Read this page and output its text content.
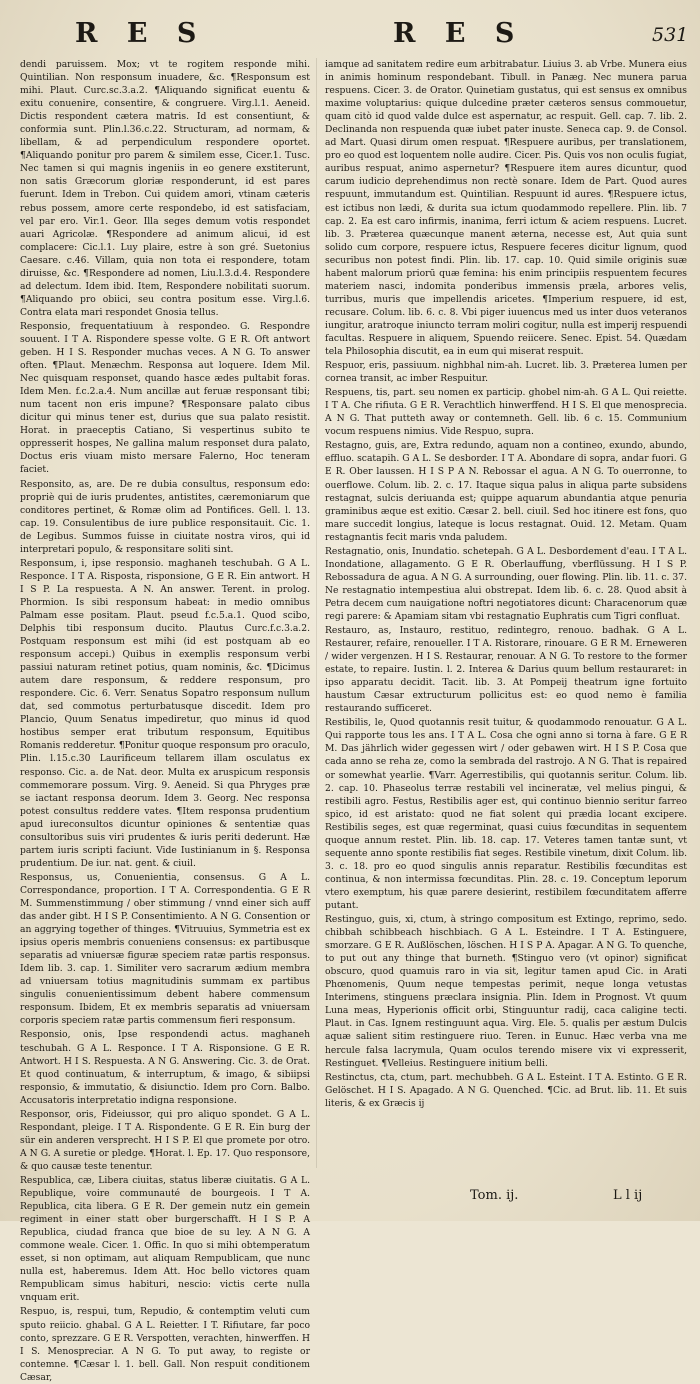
R E S	R E S	531

dendi paruissem. Mox; vt te rogitem responde mihi. Quintilian. Non responsum inuadere, &c. ¶Responsum est mihi. Plaut. Curc.sc.3.a.2. ¶Aliquando significat euentu & exitu conuenire, consentire, & congruere. Virg.l.1. Aeneid. Dictis respondent cætera matris. Id est consentiunt, & conformia sunt. Plin.l.36.c.22. Structuram, ad normam, & libellam, & ad perpendiculum respondere oportet. ¶Aliquando ponitur pro parem & similem esse, Cicer.1. Tusc. Nec tamen si qui magnis ingeniis in eo genere exstiterunt, non satis Græcorum gloriæ responderunt, id est pares fuerunt. Idem in Trebon. Cui quidem amori, vtinam cæteris rebus possem, amore certe respondebo, id est satisfaciam, vel par ero. Vir.1. Geor. Illa seges demum votis respondet auari Agricolæ. ¶Respondere ad animum alicui, id est complacere: Cic.l.1. Luy plaire, estre à son gré. Suetonius Caesare. c.46. Villam, quia non tota ei respondere, totam diruisse, &c. ¶Respondere ad nomen, Liu.l.3.d.4. Respondere ad delectum. Idem ibid. Item, Respondere nobilitati suorum. ¶Aliquando pro obiici, seu contra positum esse. Virg.l.6. Contra elata mari respondet Gnosia tellus.

Responsio, frequentatiuum à respondeo. G. Respondre souuent. I T A. Rispondere spesse volte. G E R. Oft antwort geben. H I S. Responder muchas veces. A N G. To answer often. ¶Plaut. Menæchm. Responsa aut loquere. Idem Mil. Nec quisquam responset, quando hasce ædes pultabit foras. Idem Men. f.c.2.a.4. Num ancillæ aut feruæ responsant tibi; num tacent non eris impune? ¶Responsare palato cibus dicitur qui minus tener est, durius que sua palato resistit. Horat. in praeceptis Catiano, Si vespertinus subito te oppresserit hospes, Ne gallina malum responset dura palato, Doctus eris viuam misto mersare Falerno, Hoc teneram faciet.

Responsito, as, are. De re dubia consultus, responsum edo: propriè qui de iuris prudentes, antistites, cæremoniarum que conditores pertinet, & Romæ olim ad Pontifices. Gell. l. 13. cap. 19. Consulentibus de iure publice responsitauit. Cic. 1. de Legibus. Summos fuisse in ciuitate nostra viros, qui id interpretari populo, & responsitare soliti sint.

Responsum, i, ipse responsio. maghaneh teschubah. G A L. Responce. I T A. Risposta, risponsione, G E R. Ein antwort. H I S P. La respuesta. A N. An answer. Terent. in prolog. Phormion. Is sibi responsum habeat: in medio omnibus Palmam esse positam. Plaut. pseud f.c.5.a.1. Quod scibo, Delphis tibi responsum ducito. Plautus Curc.f.c.3.a.2. Postquam responsum est mihi (id est postquam ab eo responsum accepi.) Quibus in exemplis responsum verbi passiui naturam retinet potius, quam nominis, &c. ¶Dicimus autem dare responsum, & reddere responsum, pro respondere. Cic. 6. Verr. Senatus Sopatro responsum nullum dat, sed commotus perturbatusque discedit. Idem pro Plancio, Quum Senatus impediretur, quo minus id quod hostibus semper erat tributum responsum, Equitibus Romanis redderetur. ¶Ponitur quoque responsum pro oraculo, Plin. l.15.c.30 Laurificeum tellarem illam osculatus ex responso. Cic. a. de Nat. deor. Multa ex aruspicum responsis commemorare possum. Virg. 9. Aeneid. Si qua Phryges præ se iactant responsa deorum. Idem 3. Georg. Nec responsa potest consultus reddere vates. ¶Item responsa prudentium apud iureconsultos dicuntur opiniones & sententiæ quas consultoribus suis viri prudentes & iuris periti dederunt. Hæ partem iuris scripti faciunt. Vide Iustinianum in §. Responsa prudentium. De iur. nat. gent. & ciuil.

Responsus, us, Conuenientia, consensus. G A L. Correspondance, proportion. I T A. Correspondentia. G E R M. Summenstimmung / ober stimmung / vnnd einer sich auff das ander gibt. H I S P. Consentimiento. A N G. Consention or an aggrying together of thinges. ¶Vitruuius, Symmetria est ex ipsius operis membris conueniens consensus: ex partibusque separatis ad vniuersæ figuræ speciem ratæ partis responsus. Idem lib. 3. cap. 1. Similiter vero sacrarum ædium membra ad vniuersam totius magnitudinis summam ex partibus singulis conuenientissimum debent habere commensum responsum. Ibidem, Et ex membris separatis ad vniuersam corporis speciem ratæ partis commensum fieri responsum.

Responsio, onis, Ipse respondendi actus. maghaneh teschubah. G A L. Responce. I T A. Risponsione. G E R. Antwort. H I S. Respuesta. A N G. Answering. Cic. 3. de Orat. Et quod continuatum, & interruptum, & imago, & sibiipsi responsio, & immutatio, & disiunctio. Idem pro Corn. Balbo. Accusatoris interpretatio indigna responsione.

Responsor, oris, Fideiussor, qui pro aliquo spondet. G A L. Respondant, pleige. I T A. Rispondente. G E R. Ein burg der sür ein anderen versprecht. H I S P. El que promete por otro. A N G. A suretie or pledge. ¶Horat. l. Ep. 17. Quo responsore, & quo causæ teste tenentur.

Respublica, cæ, Libera ciuitas, status liberæ ciuitatis. G A L. Republique, voire communauté de bourgeois. I T A. Republica, cita libera. G E R. Der gemein nutz ein gemein regiment in einer statt ober burgerschafft. H I S P. A Republica, ciudad franca que bioe de su ley. A N G. A commone weale. Cicer. 1. Offic. In quo si mihi obtemperatum esset, si non optimam, aut aliquam Rempublicam, que nunc nulla est, haberemus. Idem Att. Hoc bello victores quam Rempublicam simus habituri, nescio: victis certe nulla vnquam erit.

Respuo, is, respui, tum, Repudio, & contemptim veluti cum sputo reiicio. ghabal. G A L. Reietter. I T. Rifiutare, far poco conto, sprezzare. G E R. Verspotten, verachten, hinwerffen. H I S. Menospreciar. A N G. To put away, to registe or contemne. ¶Cæsar l. 1. bell. Gall. Non respuit conditionem Cæsar,

iamque ad sanitatem redire eum arbitrabatur. Liuius 3. ab Vrbe. Munera eius in animis hominum respondebant. Tibull. in Panæg. Nec munera parua respuens. Cicer. 3. de Orator. Quinetiam gustatus, qui est sensus ex omnibus maxime voluptarius: quique dulcedine præter cæteros sensus commouetur, quam citò id quod valde dulce est aspernatur, ac respuit. Gell. cap. 7. lib. 2. Declinanda non respuenda quæ iubet pater inuste. Seneca cap. 9. de Consol. ad Mart. Quasi dirum omen respuat. ¶Respuere auribus, per translationem, pro eo quod est loquentem nolle audire. Cicer. Pis. Quis vos non oculis fugiat, auribus respuat, animo aspernetur? ¶Respuere item aures dicuntur, quod carum iudicio deprehendimus non rectè sonare. Idem de Part. Quod aures respuunt, immutandum est. Quintilian. Respuunt id aures. ¶Respuere ictus, est ictibus non lædi, & durita sua ictum quodammodo repellere. Plin. lib. 7 cap. 2. Ea est caro infirmis, inanima, ferri ictum & aciem respuens. Lucret. lib. 3. Præterea quæcunque manent æterna, necesse est, Aut quia sunt solido cum corpore, respuere ictus, Respuere feceres dicitur lignum, quod securibus non potest findi. Plin. lib. 17. cap. 10. Quid simile originis suæ habent malorum priorū quæ femina: his enim principiis respuentem fecures materiem nasci, indomita ponderibus immensis præla, arbores velis, turribus, muris que impellendis aricetes. ¶Imperium respuere, id est, recusare. Colum. lib. 6. c. 8. Vbi piger iuuencus med us inter duos veteranos iungitur, aratroque iniuncto terram moliri cogitur, nulla est imperij respuendi facultas. Respuere in aliquem, Spuendo reiicere. Senec. Epist. 54. Quædam tela Philosophia discutit, ea in eum qui miserat respuit.

Respuor, eris, passiuum. nighbhal nim-ah. Lucret. lib. 3. Præterea lumen per cornea transit, ac imber Respuitur.

Respuens, tis, part. seu nomen ex particip. ghobel nim-ah. G A L. Qui reiette. I T A. Che rifiuta. G E R. Verachtlich hinwerffend. H I S. El que menosprecia. A N G. That putteth away or contemneth. Gell. lib. 6 c. 15. Communium vocum respuens nimius. Vide Respuo, supra.

Restagno, guis, are, Extra redundo, aquam non a contineo, exundo, abundo, effluo. scatapih. G A L. Se desborder. I T A. Abondare di sopra, andar fuori. G E R. Ober laussen. H I S P A N. Rebossar el agua. A N G. To ouerronne, to ouerflowe. Colum. lib. 2. c. 17. Itaque siqua palus in aliqua parte subsidens restagnat, sulcis deriuanda est; quippe aquarum abundantia atque penuria graminibus æque est exitio. Cæsar 2. bell. ciuil. Sed hoc itinere est fons, quo mare succedit longius, lateque is locus restagnat. Ouid. 12. Metam. Quam restagnantis fecit maris vnda paludem.

Restagnatio, onis, Inundatio. schetepah. G A L. Desbordement d'eau. I T A L. Inondatione, allagamento. G E R. Oberlauffung, vberflüssung. H I S P. Rebossadura de agua. A N G. A surrounding, ouer flowing. Plin. lib. 11. c. 37. Ne restagnatio intempestiua alui obstrepat. Idem lib. 6. c. 28. Quod absit à Petra decem cum nauigatione noftri negotiatores dicunt: Characenorum quæ regi parere: & Apamiam sitam vbi restagnatio Euphratis cum Tigri confluat.

Restauro, as, Instauro, restituo, redintegro, renouo. badhak. G A L. Restaurer, refaire, renoueller. I T A. Ristorare, rinouare. G E R M. Erneweren / wider vergenzen. H I S. Restaurar, renouar. A N G. To restore to the former estate, to repaire. Iustin. l. 2. Interea & Darius quum bellum restauraret: in ipso apparatu decidit. Tacit. lib. 3. At Pompeij theatrum igne fortuito haustum Cæsar extructurum pollicitus est: eo quod nemo è familia restaurando sufficeret.

Restibilis, le, Quod quotannis resit tuitur, & quodammodo renouatur. G A L. Qui rapporte tous les ans. I T A L. Cosa che ogni anno si torna à fare. G E R M. Das jährlich wider gegessen wirt / oder gebawen wirt. H I S P. Cosa que cada anno se reha ze, como la sembrada del rastrojo. A N G. That is repaired or somewhat yearlie. ¶Varr. Agerrestibilis, qui quotannis seritur. Colum. lib. 2. cap. 10. Phaseolus terræ restabili vel incineratæ, vel melius pingui, & restibili agro. Festus, Restibilis ager est, qui continuo biennio seritur farreo spico, id est aristato: quod ne fiat solent qui prædia locant excipere. Restibilis seges, est quæ regerminat, quasi cuius fœcunditas in sequentem quoque annum restet. Plin. lib. 18. cap. 17. Veteres tamen tantæ sunt, vt sequente anno sponte restibilis fiat seges. Restibile vinetum, dixit Colum. lib. 3. c. 18. pro eo quod singulis annis reparatur. Restibilis fœcunditas est continua, & non intermissa fœcunditas. Plin. 28. c. 19. Conceptum leporum vtero exemptum, his quæ parere desierint, restibilem fœcunditatem afferre putant.

Restinguo, guis, xi, ctum, à stringo compositum est Extingo, reprimo, sedo. chibbah schibbeach hischbiach. G A L. Esteindre. I T A. Estinguere, smorzare. G E R. Außlöschen, löschen. H I S P A. Apagar. A N G. To quenche, to put out any thinge that burneth. ¶Stinguo vero (vt opinor) significat obscuro, quod quamuis raro in via sit, legitur tamen apud Cic. in Arati Phœnomenis, Quum neque tempestas perimit, neque longa vetustas Interimens, stinguens præclara insignia. Plin. Idem in Prognost. Vt quum Luna meas, Hyperionis officit orbi, Stinguuntur radij, caca caligine tecti. Plaut. in Cas. Ignem restinguunt aqua. Virg. Ele. 5. qualis per æstum Dulcis aquæ salient sitim restinguere riuo. Teren. in Eunuc. Hæc verba vna me hercule falsa lacrymula, Quam oculos terendo misere vix vi expresserit, Restinguet. ¶Velleius. Restinguere initium belli.

Restinctus, cta, ctum, part. mechubbeh. G A L. Esteint. I T A. Estinto. G E R. Gelöschet. H I S. Apagado. A N G. Quenched. ¶Cic. ad Brut. lib. 11. Et suis literis, & ex Græcis ij

Tom. ij.	L l ij
